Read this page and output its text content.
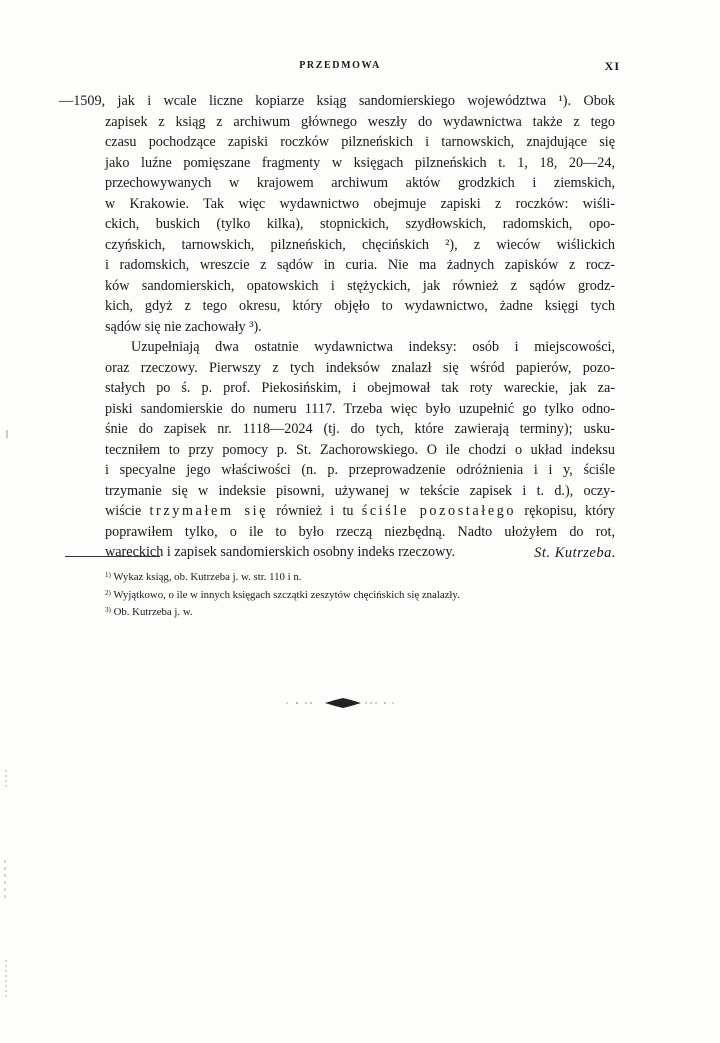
PRZEDMOWA	XI

—1509, jak i wcale liczne kopiarze ksiąg sandomierskiego województwa ¹). Obok
zapisek z ksiąg z archiwum głównego weszły do wydawnictwa także z tego
czasu pochodzące zapiski roczków pilzneńskich i tarnowskich, znajdujące się
jako luźne pomięszane fragmenty w księgach pilzneńskich t. 1, 18, 20—24,
przechowywanych w krajowem archiwum aktów grodzkich i ziemskich,
w Krakowie. Tak więc wydawnictwo obejmuje zapiski z roczków: wiśli-
ckich, buskich (tylko kilka), stopnickich, szydłowskich, radomskich, opo-
czyńskich, tarnowskich, pilzneńskich, chęcińskich ²), z wieców wiślickich
i radomskich, wreszcie z sądów in curia. Nie ma żadnych zapisków z rocz-
ków sandomierskich, opatowskich i stężyckich, jak również z sądów grodz-
kich, gdyż z tego okresu, który objęło to wydawnictwo, żadne księgi tych
sądów się nie zachowały ³).

Uzupełniają dwa ostatnie wydawnictwa indeksy: osób i miejscowości,
oraz rzeczowy. Pierwszy z tych indeksów znalazł się wśród papierów, pozo-
stałych po ś. p. prof. Piekosińskim, i obejmował tak roty wareckie, jak za-
piski sandomierskie do numeru 1117. Trzeba więc było uzupełnić go tylko odno-
śnie do zapisek nr. 1118—2024 (tj. do tych, które zawierają terminy); usku-
teczniłem to przy pomocy p. St. Zachorowskiego. O ile chodzi o układ indeksu
i specyalne jego właściwości (n. p. przeprowadzenie odróżnienia i i y, ściśle
trzymanie się w indeksie pisowni, używanej w tekście zapisek i t. d.), oczy-
wiście trzymałem się również i tu ściśle pozostałego rękopisu, który
poprawiłem tylko, o ile to było rzeczą niezbędną. Nadto ułożyłem do rot,
wareckich i zapisek sandomierskich osobny indeks rzeczowy.	St. Kutrzeba.
$^{1)}$ Wykaz ksiąg, ob. Kutrzeba j. w. str. 110 i n.
$^{2)}$ Wyjątkowo, o ile w innych księgach szczątki zeszytów chęcińskich się znalazły.
$^{3)}$ Ob. Kutrzeba j. w.
